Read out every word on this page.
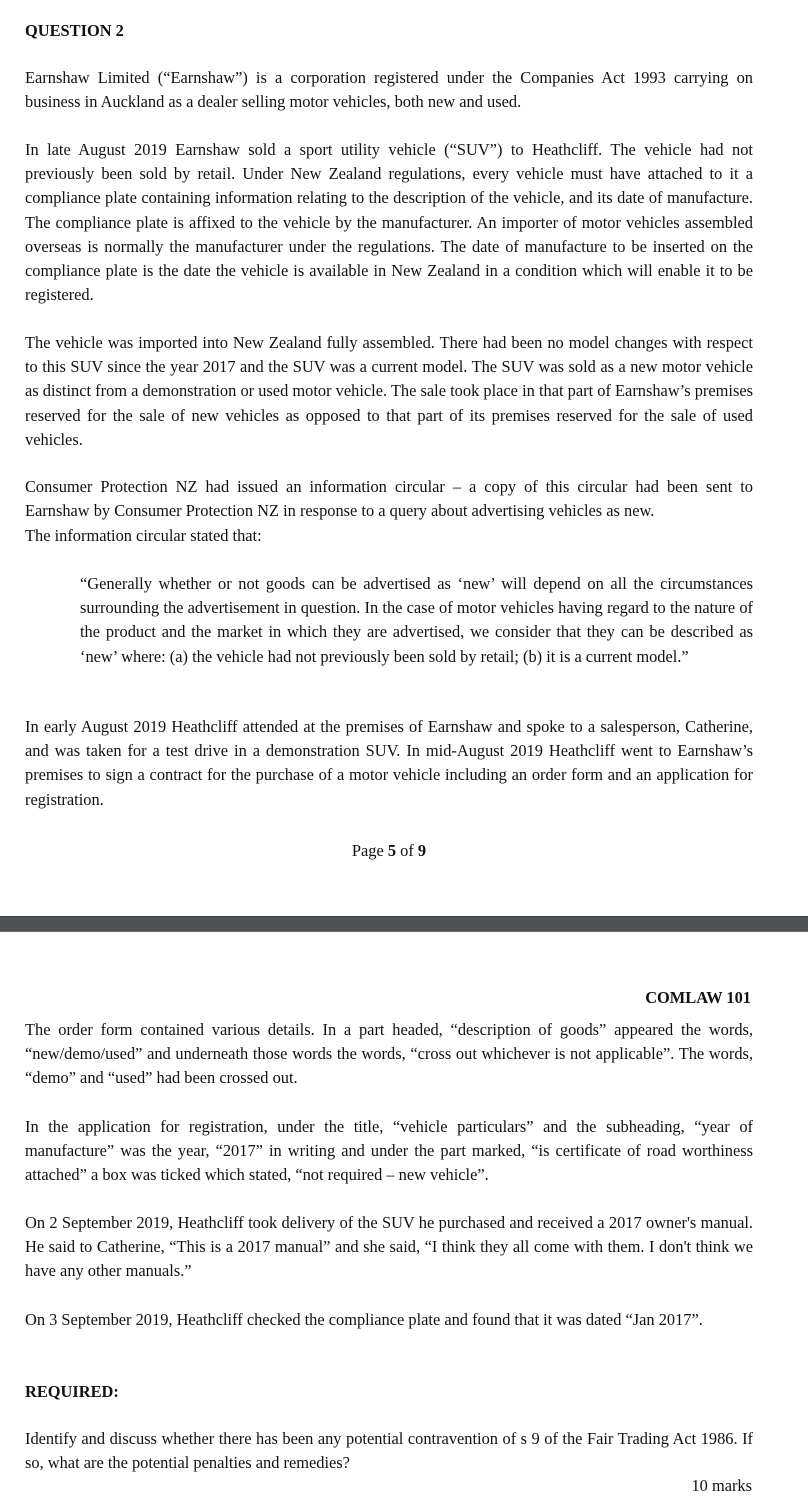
QUESTION 2

Earnshaw Limited (“Earnshaw”) is a corporation registered under the Companies Act 1993 carrying on business in Auckland as a dealer selling motor vehicles, both new and used.

In late August 2019 Earnshaw sold a sport utility vehicle (“SUV”) to Heathcliff. The vehicle had not previously been sold by retail. Under New Zealand regulations, every vehicle must have attached to it a compliance plate containing information relating to the description of the vehicle, and its date of manufacture. The compliance plate is affixed to the vehicle by the manufacturer. An importer of motor vehicles assembled overseas is normally the manufacturer under the regulations. The date of manufacture to be inserted on the compliance plate is the date the vehicle is available in New Zealand in a condition which will enable it to be registered.

The vehicle was imported into New Zealand fully assembled. There had been no model changes with respect to this SUV since the year 2017 and the SUV was a current model. The SUV was sold as a new motor vehicle as distinct from a demonstration or used motor vehicle. The sale took place in that part of Earnshaw’s premises reserved for the sale of new vehicles as opposed to that part of its premises reserved for the sale of used vehicles.

Consumer Protection NZ had issued an information circular – a copy of this circular had been sent to Earnshaw by Consumer Protection NZ in response to a query about advertising vehicles as new.

The information circular stated that:

“Generally whether or not goods can be advertised as ‘new’ will depend on all the circumstances surrounding the advertisement in question. In the case of motor vehicles having regard to the nature of the product and the market in which they are advertised, we consider that they can be described as ‘new’ where: (a) the vehicle had not previously been sold by retail; (b) it is a current model.”

In early August 2019 Heathcliff attended at the premises of Earnshaw and spoke to a salesperson, Catherine, and was taken for a test drive in a demonstration SUV. In mid-August 2019 Heathcliff went to Earnshaw’s premises to sign a contract for the purchase of a motor vehicle including an order form and an application for registration.

Page 5 of 9
COMLAW 101

The order form contained various details. In a part headed, “description of goods” appeared the words, “new/demo/used” and underneath those words the words, “cross out whichever is not applicable”. The words, “demo” and “used” had been crossed out.

In the application for registration, under the title, “vehicle particulars” and the subheading, “year of manufacture” was the year, “2017” in writing and under the part marked, “is certificate of road worthiness attached” a box was ticked which stated, “not required – new vehicle”.

On 2 September 2019, Heathcliff took delivery of the SUV he purchased and received a 2017 owner's manual. He said to Catherine, “This is a 2017 manual” and she said, “I think they all come with them. I don't think we have any other manuals.”

On 3 September 2019, Heathcliff checked the compliance plate and found that it was dated “Jan 2017”.

REQUIRED:

Identify and discuss whether there has been any potential contravention of s 9 of the Fair Trading Act 1986. If so, what are the potential penalties and remedies?

10 marks
